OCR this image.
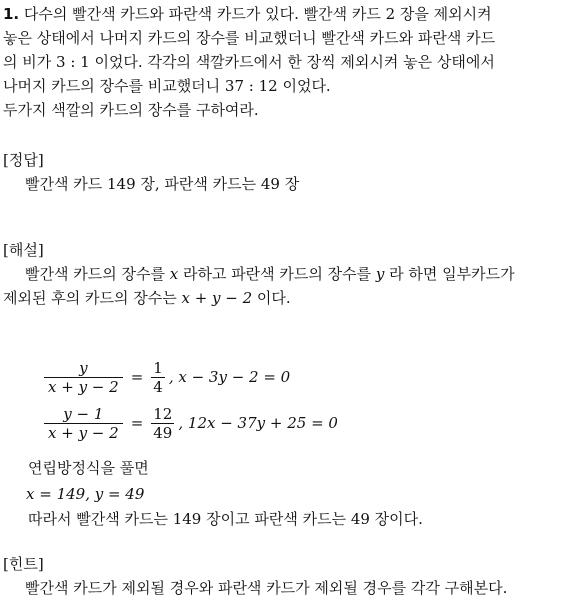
1. 다수의 빨간색 카드와 파란색 카드가 있다. 빨간색 카드 2 장을 제외시켜
놓은 상태에서 나머지 카드의 장수를 비교했더니 빨간색 카드와 파란색 카드
의 비가 3 : 1 이었다. 각각의 색깔카드에서 한 장씩 제외시켜 놓은 상태에서
나머지 카드의 장수를 비교했더니 37 : 12 이었다.
두가지 색깔의 카드의 장수를 구하여라.
[정답]
빨간색 카드 149 장, 파란색 카드는 49 장
[해설]
빨간색 카드의 장수를 x 라하고 파란색 카드의 장수를 y 라 하면 일부카드가
제외된 후의 카드의 장수는 x + y − 2 이다.
$\frac{y}{x + y - 2} = \frac{1}{4}$ , x − 3y − 2 = 0
$\frac{y - 1}{x + y - 2} = \frac{12}{49}$ , 12x − 37y + 25 = 0
연립방정식을 풀면
x = 149, y = 49
따라서 빨간색 카드는 149 장이고 파란색 카드는 49 장이다.
[힌트]
빨간색 카드가 제외될 경우와 파란색 카드가 제외될 경우를 각각 구해본다.
